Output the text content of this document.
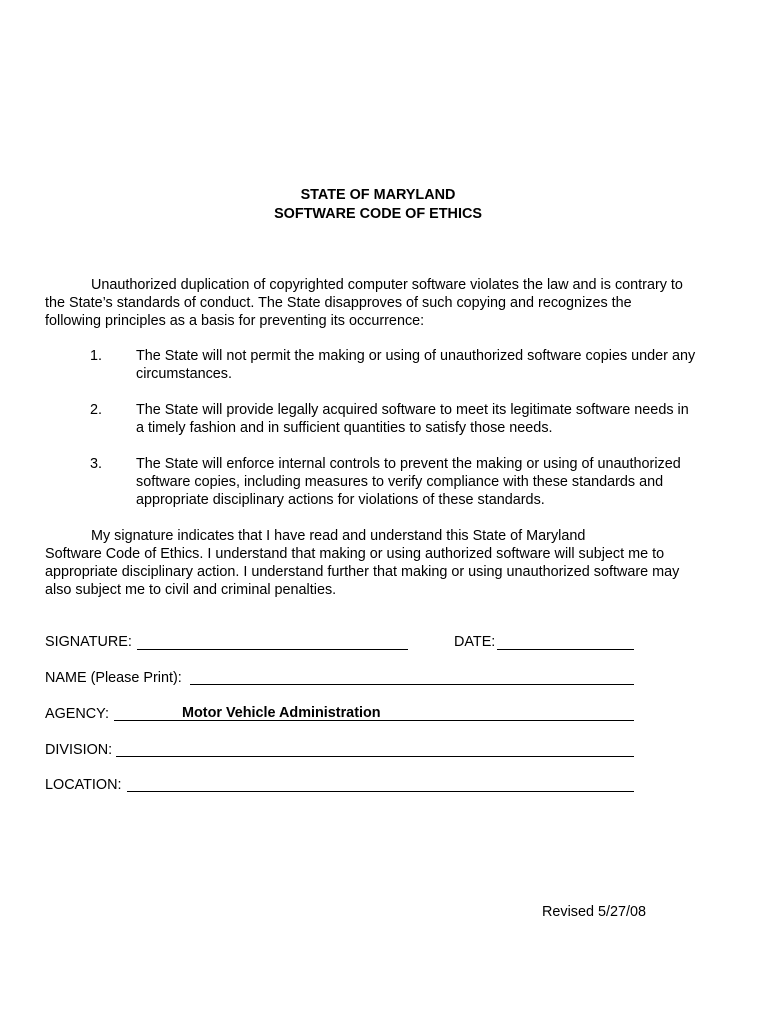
STATE OF MARYLAND
SOFTWARE CODE OF ETHICS
Unauthorized duplication of copyrighted computer software violates the law and is contrary to
the State’s standards of conduct. The State disapproves of such copying and recognizes the
following principles as a basis for preventing its occurrence:
1. The State will not permit the making or using of unauthorized software copies under any
circumstances.
2. The State will provide legally acquired software to meet its legitimate software needs in
a timely fashion and in sufficient quantities to satisfy those needs.
3. The State will enforce internal controls to prevent the making or using of unauthorized
software copies, including measures to verify compliance with these standards and
appropriate disciplinary actions for violations of these standards.
My signature indicates that I have read and understand this State of Maryland
Software Code of Ethics. I understand that making or using authorized software will subject me to
appropriate disciplinary action. I understand further that making or using unauthorized software may
also subject me to civil and criminal penalties.
SIGNATURE:	DATE:
NAME (Please Print):
AGENCY:	Motor Vehicle Administration
DIVISION:
LOCATION:
Revised 5/27/08
